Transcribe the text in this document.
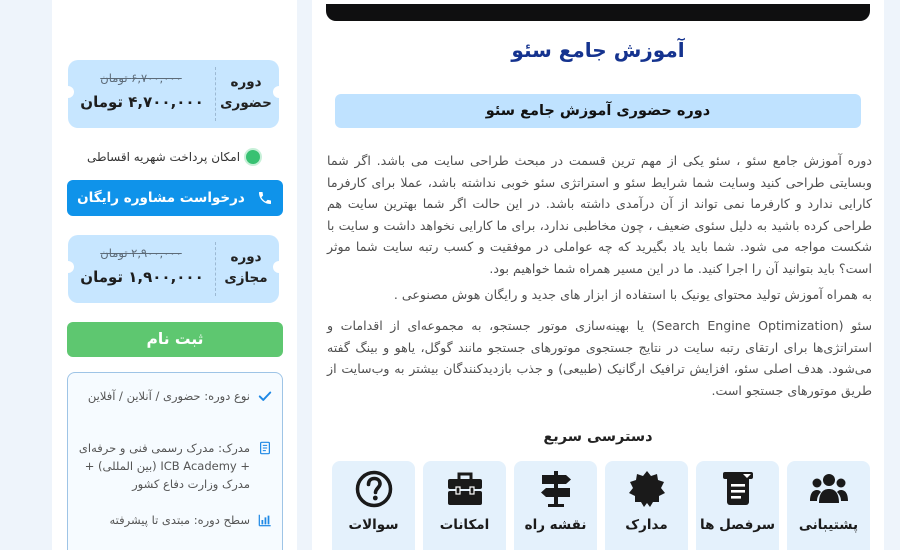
آموزش جامع سئو
دوره حضوری آموزش جامع سئو

دوره آموزش جامع سئو ، سئو یکی از مهم ترین قسمت در مبحث طراحی سایت می باشد. اگر شما وبسایتی طراحی کنید وسایت شما شرایط سئو و استراتژی سئو خوبی نداشته باشد، عملا برای کارفرما کارایی ندارد و کارفرما نمی تواند از آن درآمدی داشته باشد. در این حالت اگر شما بهترین سایت هم طراحی کرده باشید به دلیل سئوی ضعیف ، چون مخاطبی ندارد، برای ما کارایی نخواهد داشت و سایت با شکست مواجه می شود. شما باید یاد بگیرید که چه عواملی در موفقیت و کسب رتبه سایت شما موثر است؟ باید بتوانید آن را اجرا کنید. ما در این مسیر همراه شما خواهیم بود.

به همراه آموزش تولید محتوای یونیک با استفاده از ابزار های جدید و رایگان هوش مصنوعی .

سئو (Search Engine Optimization) یا بهینه‌سازی موتور جستجو، به مجموعه‌ای از اقدامات و استراتژی‌ها برای ارتقای رتبه سایت در نتایج جستجوی موتورهای جستجو مانند گوگل، یاهو و بینگ گفته می‌شود. هدف اصلی سئو، افزایش ترافیک ارگانیک (طبیعی) و جذب بازدیدکنندگان بیشتر به وب‌سایت از طریق موتورهای جستجو است.

دسترسی سریع
پشتیبانی
سرفصل ها
مدارک
نقشه راه
امکانات
سوالات
دوره
حضوری
۶,۷۰۰,۰۰۰ تومان
۴,۷۰۰,۰۰۰ تومان
امکان پرداخت شهریه اقساطی
درخواست مشاوره رایگان
دوره
مجازی
۲,۹۰۰,۰۰۰ تومان
۱,۹۰۰,۰۰۰ تومان
ثبت نام
نوع دوره: حضوری / آنلاین / آفلاین
مدرک: مدرک رسمی فنی و حرفه‌ای + ICB Academy (بین المللی) + مدرک وزارت دفاع کشور
سطح دوره: مبتدی تا پیشرفته
